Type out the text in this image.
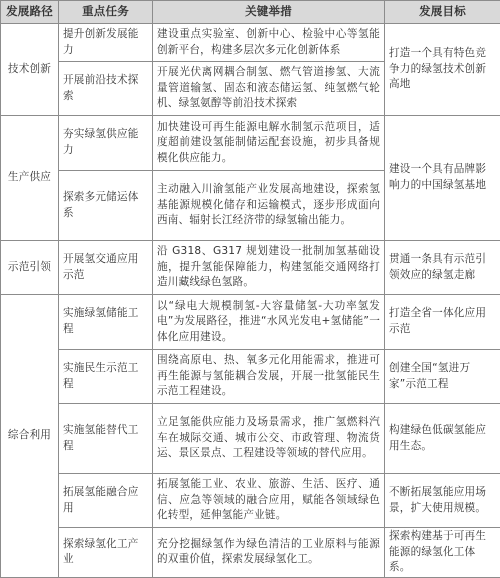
发展路径	重点任务	关键举措	发展目标
技术创新	提升创新发展能力	建设重点实验室、创新中心、检验中心等氢能创新平台，构建多层次多元化创新体系	打造一个具有特色竞争力的绿氢技术创新高地
	开展前沿技术探索	开展光伏离网耦合制氢、燃气管道掺氢、大流量管道输氢、固态和液态储运氢、纯氢燃气轮机、绿氢氨醇等前沿技术探索	
生产供应	夯实绿氢供应能力	加快建设可再生能源电解水制氢示范项目，适度超前建设氢能制储运配套设施，初步具备规模化供应能力。	建设一个具有品牌影响力的中国绿氢基地
	探索多元储运体系	主动融入川渝氢能产业发展高地建设，探索氢基能源规模化储存和运输模式，逐步形成面向西南、辐射长江经济带的绿氢输出能力。	
示范引领	开展氢交通应用示范	沿 G318、G317 规划建设一批制加氢基础设施，提升氢能保障能力，构建氢能交通网络打造川藏线绿色氢路。	贯通一条具有示范引领效应的绿氢走廊
综合利用	实施绿氢储能工程	以“绿电大规模制氢-大容量储氢-大功率氢发电”为发展路径，推进“水风光发电+氢储能”一体化应用建设。	打造全省一体化应用示范
	实施民生示范工程	围绕高原电、热、氧多元化用能需求，推进可再生能源与氢能耦合发展，开展一批氢能民生示范工程建设。	创建全国“氢进万家”示范工程
	实施氢能替代工程	立足氢能供应能力及场景需求，推广氢燃料汽车在城际交通、城市公交、市政管理、物流货运、景区景点、工程建设等领域的替代应用。	构建绿色低碳氢能应用生态。
	拓展氢能融合应用	拓展氢能工业、农业、旅游、生活、医疗、通信、应急等领域的融合应用，赋能各领域绿色化转型，延伸氢能产业链。	不断拓展氢能应用场景，扩大使用规模。
	探索绿氢化工产业	充分挖掘绿氢作为绿色清洁的工业原料与能源的双重价值，探索发展绿氢化工。	探索构建基于可再生能源的绿氢化工体系。
